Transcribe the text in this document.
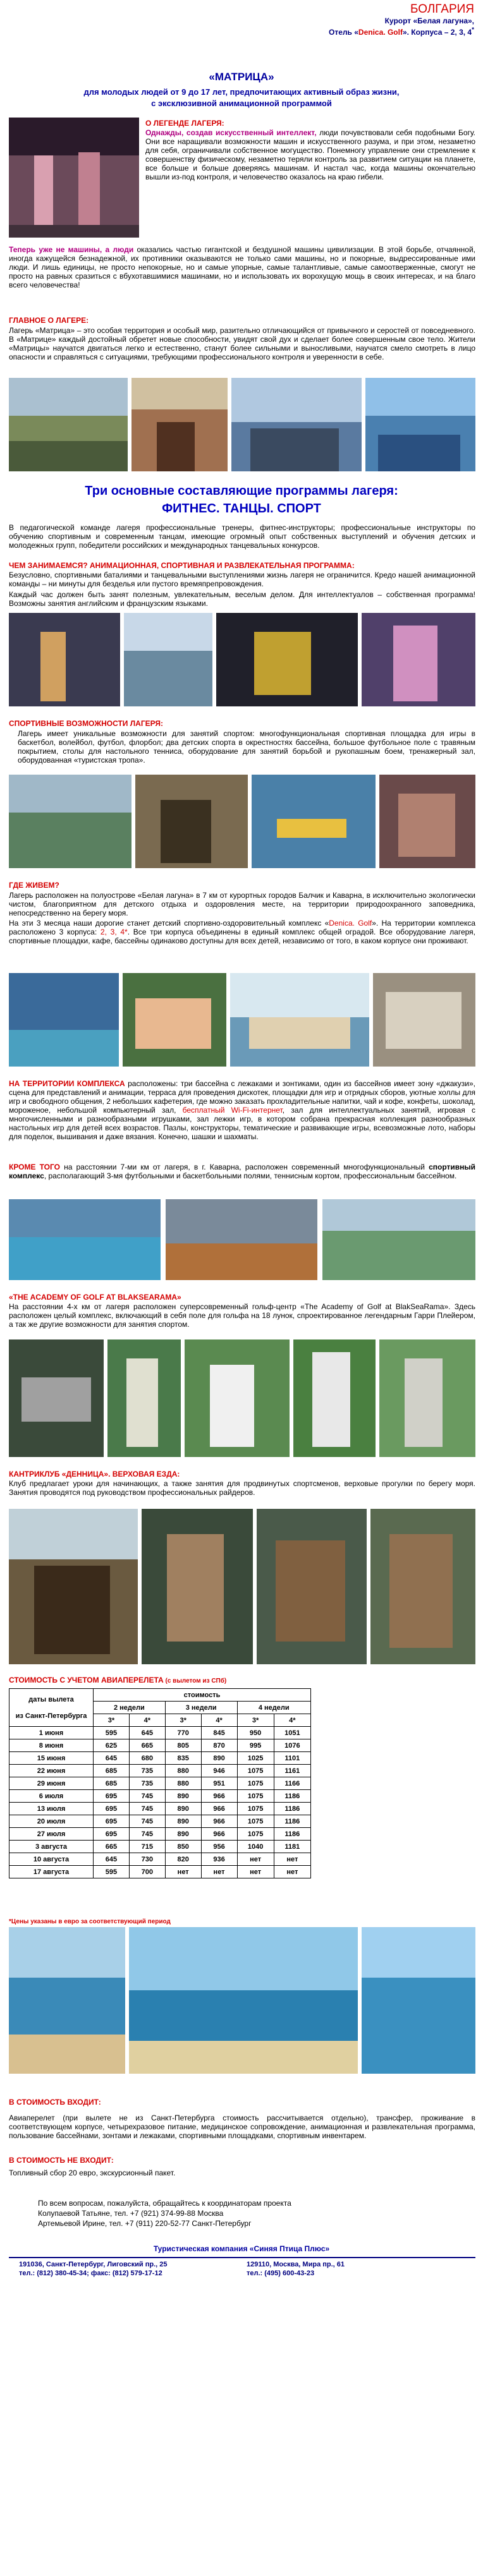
БОЛГАРИЯ
Курорт «Белая лагуна»,
Отель «Denica. Golf». Корпуса – 2, 3, 4*
«МАТРИЦА»
для молодых людей от 9 до 17 лет, предпочитающих активный образ жизни,
с эксклюзивной анимационной программой
О ЛЕГЕНДЕ ЛАГЕРЯ:
Однажды, создав искусственный интеллект, люди почувствовали себя подобными Богу. Они все наращивали возможности машин и искусственного разума, и при этом, незаметно для себя, ограничивали собственное могущество. Понемногу управление они стремление к совершенству физическому, незаметно теряли контроль за развитием ситуации на планете, все больше и больше доверяясь машинам. И настал час, когда машины окончательно вышли из-под контроля, и человечество оказалось на краю гибели.
Теперь уже не машины, а люди оказались частью гигантской и бездушной машины цивилизации. В этой борьбе, отчаянной, иногда кажущейся безнадежной, их противники оказываются не только сами машины, но и покорные, выдрессированные ими люди. И лишь единицы, не просто непокорные, но и самые упорные, самые талантливые, самые самоотверженные, смогут не просто на равных сразиться с вбухотавшимися машинами, но и использовать их ворохущую мощь в своих интересах, и на благо всего человечества!
ГЛАВНОЕ О ЛАГЕРЕ:
Лагерь «Матрица» – это особая территория и особый мир, разительно отличающийся от привычного и серостей от повседневного. В «Матрице» каждый достойный обретет новые способности, увидят свой дух и сделает более совершенным свое тело. Жители «Матрицы» научатся двигаться легко и естественно, станут более сильными и выносливыми, научатся смело смотреть в лицо опасности и справляться с ситуациями, требующими профессионального контроля и уверенности в себе.
Три основные составляющие программы лагеря:
ФИТНЕС. ТАНЦЫ. СПОРТ
В педагогической команде лагеря профессиональные тренеры, фитнес-инструкторы; профессиональные инструкторы по обучению спортивным и современным танцам, имеющие огромный опыт собственных выступлений и обучения детских и молодежных групп, победители российских и международных танцевальных конкурсов.
ЧЕМ ЗАНИМАЕМСЯ? АНИМАЦИОННАЯ, СПОРТИВНАЯ И РАЗВЛЕКАТЕЛЬНАЯ ПРОГРАММА:
Безусловно, спортивными баталиями и танцевальными выступлениями жизнь лагеря не ограничится. Кредо нашей анимационной команды – ни минуты для безделья или пустого времяпрепровождения.
Каждый час должен быть занят полезным, увлекательным, веселым делом. Для интеллектуалов – собственная программа! Возможны занятия английским и французским языками.
СПОРТИВНЫЕ ВОЗМОЖНОСТИ ЛАГЕРЯ:
Лагерь имеет уникальные возможности для занятий спортом: многофункциональная спортивная площадка для игры в баскетбол, волейбол, футбол, флорбол; два детских спорта в окрестностях бассейна, большое футбольное поле с травяным покрытием, столы для настольного тенниса, оборудование для занятий борьбой и рукопашным боем, тренажерный зал, оборудованная «туристская тропа».
ГДЕ ЖИВЕМ?
Лагерь расположен на полуострове «Белая лагуна» в 7 км от курортных городов Балчик и Каварна, в исключительно экологически чистом, благоприятном для детского отдыха и оздоровления месте, на территории природоохранного заповедника, непосредственно на берегу моря.
На эти 3 месяца наши дорогие станет детский спортивно-оздоровительный комплекс «Denica. Golf». На территории комплекса расположено 3 корпуса: 2, 3, 4*. Все три корпуса объединены в единый комплекс общей оградой. Все оборудование лагеря, спортивные площадки, кафе, бассейны одинаково доступны для всех детей, независимо от того, в каком корпусе они проживают.
НА ТЕРРИТОРИИ КОМПЛЕКСА расположены: три бассейна с лежаками и зонтиками, один из бассейнов имеет зону «джакузи», сцена для представлений и анимации, терраса для проведения дискотек, площадки для игр и отрядных сборов, уютные холлы для игр и свободного общения, 2 небольших кафетерия, где можно заказать прохладительные напитки, чай и кофе, конфеты, шоколад, мороженое, небольшой компьютерный зал, бесплатный Wi-Fi-интернет, зал для интеллектуальных занятий, игровая с многочисленными и разнообразными игрушками, зал лежки игр, в котором собрана прекрасная коллекция разнообразных настольных игр для детей всех возрастов. Пазлы, конструкторы, тематические и развивающие игры, всевозможные лото, наборы для поделок, вышивания и даже вязания. Конечно, шашки и шахматы.
КРОМЕ ТОГО на расстоянии 7-ми км от лагеря, в г. Каварна, расположен современный многофункциональный спортивный комплекс, располагающий 3-мя футбольными и баскетбольными полями, теннисным кортом, профессиональным бассейном.
«THE ACADEMY OF GOLF AT BLAKSEARAMA»
На расстоянии 4-х км от лагеря расположен суперсовременный гольф-центр «The Academy of Golf at BlakSeaRama». Здесь расположен целый комплекс, включающий в себя поле для гольфа на 18 лунок, спроектированное легендарным Гарри Плейером, а так же другие возможности для занятия спортом.
КАНТРИКЛУБ «ДЕННИЦА». ВЕРХОВАЯ ЕЗДА:
Клуб предлагает уроки для начинающих, а также занятия для продвинутых спортсменов, верховые прогулки по берегу моря. Занятия проводятся под руководством профессиональных райдеров.
СТОИМОСТЬ С УЧЕТОМ АВИАПЕРЕЛЕТА (с вылетом из СПб)
даты вылета
из Санкт-Петербурга	стоимость					
	2 недели		3 недели		4 недели	
	3*	4*	3*	4*	3*	4*
1 июня	595	645	770	845	950	1051
8 июня	625	665	805	870	995	1076
15 июня	645	680	835	890	1025	1101
22 июня	685	735	880	946	1075	1161
29 июня	685	735	880	951	1075	1166
6 июля	695	745	890	966	1075	1186
13 июля	695	745	890	966	1075	1186
20 июля	695	745	890	966	1075	1186
27 июля	695	745	890	966	1075	1186
3 августа	665	715	850	956	1040	1181
10 августа	645	730	820	936	нет	нет
17 августа	595	700	нет	нет	нет	нет
*Цены указаны в евро за соответствующий период
В СТОИМОСТЬ ВХОДИТ:
Авиаперелет (при вылете не из Санкт-Петербурга стоимость рассчитывается отдельно), трансфер, проживание в соответствующем корпусе, четырехразовое питание, медицинское сопровождение, анимационная и развлекательная программа, пользование бассейнами, зонтами и лежаками, спортивными площадками, спортивным инвентарем.
В СТОИМОСТЬ НЕ ВХОДИТ:
Топливный сбор 20 евро, экскурсионный пакет.
По всем вопросам, пожалуйста, обращайтесь к координаторам проекта
Колупаевой Татьяне, тел. +7 (921) 374-99-88 Москва
Артемьевой Ирине, тел. +7 (911) 220-52-77 Санкт-Петербург
Туристическая компания «Синяя Птица Плюс»
191036, Санкт-Петербург, Лиговский пр., 25
тел.: (812) 380-45-34; факс: (812) 579-17-12
129110, Москва, Мира пр., 61
тел.: (495) 600-43-23
